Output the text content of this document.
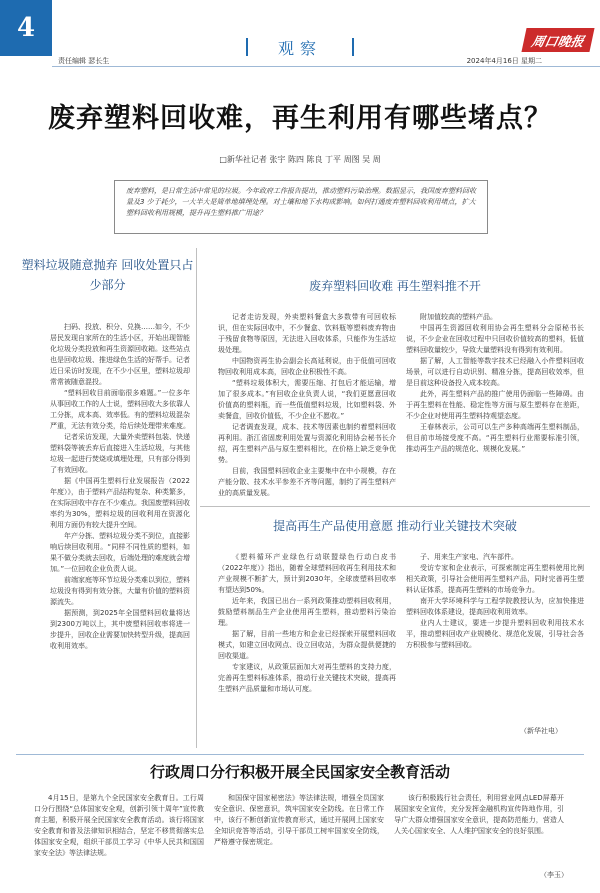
4
责任编辑 瑟长生
观察	周口晚报
2024年4月16日 星期二
废弃塑料回收难，再生利用有哪些堵点？
□新华社记者 张宇 陈四 陈良 丁平 周图 吴 周
废弃塑料，是日常生活中常见的垃圾。今年政府工作报告提出，推动塑料污染治理。数据显示，我国废弃塑料回收量及3 少于耗少，一大半大是简单地填埋处理。对土壤和地下水构成影响。如何打通废弃塑料回收利用堵点，扩大塑料回收利用规模，提升再生塑料推广用途？
塑料垃圾随意抛弃 回收处置只占少部分

扫码、投放、积分、兑换……如今，不少居民发现自家所在的生活小区，开始出现智能化垃圾分类投放和再生资源回收箱。这些站点也是回收垃圾、推进绿色生活的好帮手。记者近日采访时发现，在不少小区里，塑料垃圾却常常被随意混投。

“塑料回收目前面临很多难题。”一位多年从事回收工作的人士说，塑料回收大多依靠人工分拣，成本高、效率低。有的塑料垃圾混杂严重，无法有效分类，给后续处理带来难度。

记者采访发现，大量外卖塑料包装、快递塑料袋等被丢弃后直接进入生活垃圾，与其他垃圾一起进行焚烧或填埋处理，只有部分得到了有效回收。

据《中国再生塑料行业发展报告（2022年度）》，由于塑料产品结构复杂、种类繁多，在实际回收中存在不少难点。我国废塑料回收率约为30%，塑料垃圾的回收利用在资源化利用方面仍有较大提升空间。

年产分拣、塑料垃圾分类不到位，直接影响后续回收利用。“同样不同性质的塑料，如果不做分类就去回收，后端处理的难度就会增加。”一位回收企业负责人说。

前端家庭等环节垃圾分类难以到位，塑料垃圾没有得到有效分拣，大量有价值的塑料资源流失。

据预测，到2025年全国塑料回收量将达到2300万吨以上，其中废塑料回收率将进一步提升，回收企业需要加快转型升级，提高回收利用效率。

废弃塑料回收难 再生塑料推不开

记者走访发现，外卖塑料餐盒大多数带有可回收标识，但在实际回收中，不少餐盒、饮料瓶等塑料废弃物由于残留食物等原因，无法进入回收体系，只能作为生活垃圾处理。

中国物资再生协会副会长高延利说，由于低值可回收物回收利用成本高，回收企业积极性不高。

“塑料垃圾体积大，需要压缩、打包后才能运输，增加了很多成本。”有回收企业负责人说，“我们更愿意回收价值高的塑料瓶，而一些低值塑料垃圾，比如塑料袋、外卖餐盒，回收价值低，不少企业不愿收。”

记者调查发现，成本、技术等因素也制约着塑料回收再利用。浙江省固废利用处置与资源化利用协会秘书长介绍，再生塑料产品与原生塑料相比，在价格上缺乏竞争优势。

目前，我国塑料回收企业主要集中在中小规模，存在产能分散、技术水平参差不齐等问题，制约了再生塑料产业的高质量发展。

附加值较高的塑料产品。

中国再生资源回收利用协会再生塑料分会原秘书长说，不少企业在回收过程中只回收价值较高的塑料，低值塑料回收量较少，导致大量塑料没有得到有效利用。

据了解，人工智能等数字技术已经融入小件塑料回收场景，可以进行自动识别、精准分拣，提高回收效率，但是目前这种设备投入成本较高。

此外，再生塑料产品的推广使用仍面临一些障碍。由于再生塑料在性能、稳定性等方面与原生塑料存在差距，不少企业对使用再生塑料持观望态度。

王春林表示，公司可以生产多种高端再生塑料制品，但目前市场接受度不高。“再生塑料行业需要标准引领，推动再生产品的规范化、规模化发展。”

提高再生产品使用意愿 推动行业关键技术突破

《塑料循环产业绿色行动联盟绿色行动白皮书（2022年度）》指出，随着全球塑料回收再生利用技术和产业规模不断扩大，预计到2030年，全球废塑料回收率有望达到50%。

近年来，我国已出台一系列政策推动塑料回收利用，鼓励塑料制品生产企业使用再生塑料，推动塑料污染治理。

据了解，目前一些地方和企业已经探索开展塑料回收模式，如建立回收网点、设立回收站，为群众提供便捷的回收渠道。

专家建议，从政策层面加大对再生塑料的支持力度，完善再生塑料标准体系，推动行业关键技术突破，提高再生塑料产品质量和市场认可度。

子、用来生产家电、汽车部件。

受访专家和企业表示，可探索制定再生塑料使用比例相关政策，引导社会使用再生塑料产品，同时完善再生塑料认证体系，提高再生塑料的市场竞争力。

南开大学环境科学与工程学院教授认为，应加快推进塑料回收体系建设，提高回收利用效率。

业内人士建议，要进一步提升塑料回收利用技术水平，推动塑料回收产业规模化、规范化发展，引导社会各方积极参与塑料回收。

（新华社电）
行政周口分行积极开展全民国家安全教育活动

4月15日，是第九个全民国家安全教育日。工行周口分行围绕“总体国家安全观，创新引领十周年”宣传教育主题，积极开展全民国家安全教育活动。该行将国家安全教育和普及法律知识相结合，坚定不移贯彻落实总体国家安全观，组织干部员工学习《中华人民共和国国家安全法》等法律法规。

和国保守国家秘密法》等法律法规，增强全员国家安全意识、保密意识，筑牢国家安全防线。在日常工作中，该行不断创新宣传教育形式，通过开展网上国家安全知识竞答等活动，引导干部员工树牢国家安全防线，严格遵守保密规定。

该行积极践行社会责任，利用营业网点LED屏幕开展国家安全宣传，充分发挥金融机构宣传阵地作用，引导广大群众增强国家安全意识，提高防范能力，营造人人关心国家安全、人人维护国家安全的良好氛围。

（李玉）
